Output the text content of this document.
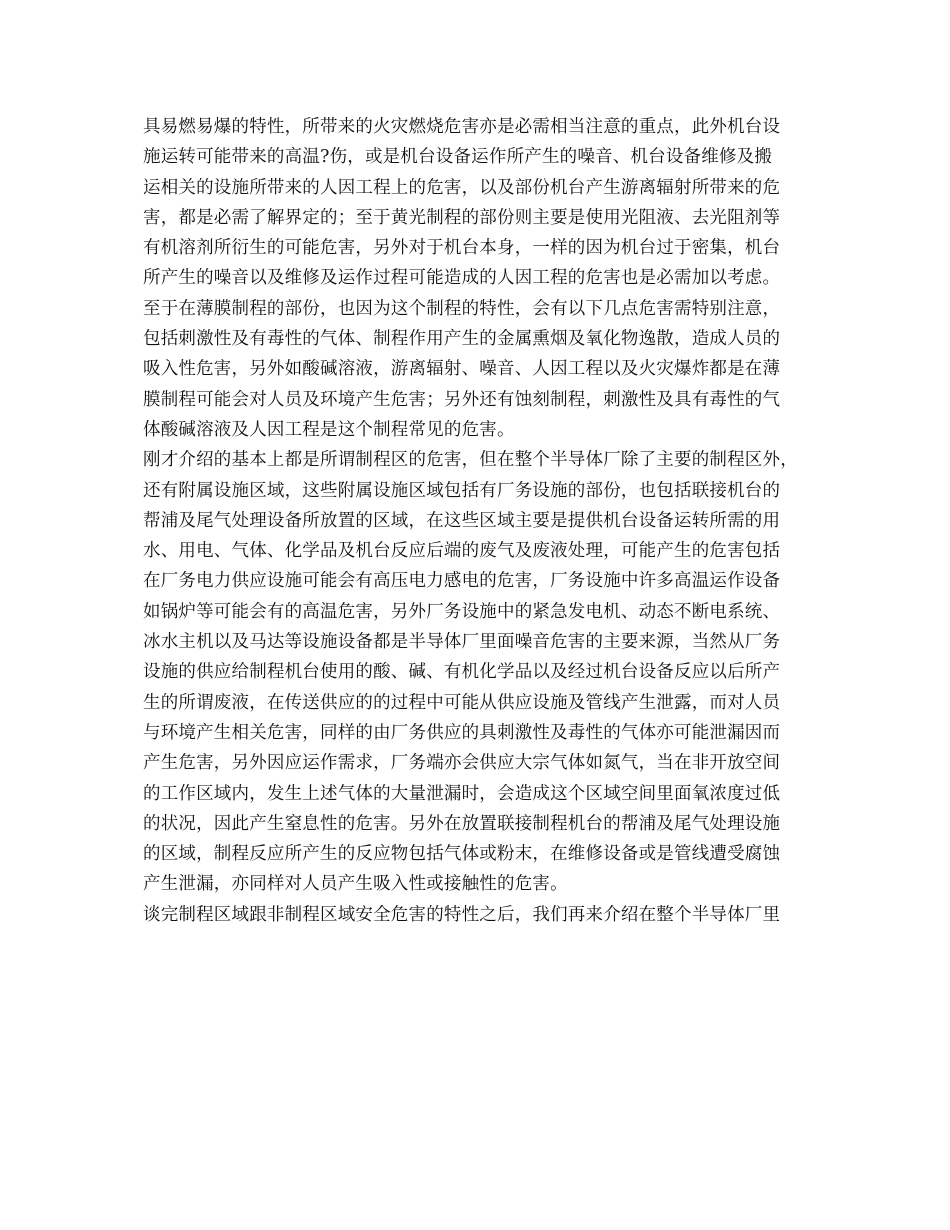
具易燃易爆的特性，所带来的火灾燃烧危害亦是必需相当注意的重点，此外机台设
施运转可能带来的高温?伤，或是机台设备运作所产生的噪音、机台设备维修及搬
运相关的设施所带来的人因工程上的危害，以及部份机台产生游离辐射所带来的危
害，都是必需了解界定的；至于黄光制程的部份则主要是使用光阻液、去光阻剂等
有机溶剂所衍生的可能危害，另外对于机台本身，一样的因为机台过于密集，机台
所产生的噪音以及维修及运作过程可能造成的人因工程的危害也是必需加以考虑。
至于在薄膜制程的部份，也因为这个制程的特性，会有以下几点危害需特别注意，
包括刺激性及有毒性的气体、制程作用产生的金属熏烟及氧化物逸散，造成人员的
吸入性危害，另外如酸碱溶液，游离辐射、噪音、人因工程以及火灾爆炸都是在薄
膜制程可能会对人员及环境产生危害；另外还有蚀刻制程，刺激性及具有毒性的气
体酸碱溶液及人因工程是这个制程常见的危害。
刚才介绍的基本上都是所谓制程区的危害，但在整个半导体厂除了主要的制程区外，
还有附属设施区域，这些附属设施区域包括有厂务设施的部份，也包括联接机台的
帮浦及尾气处理设备所放置的区域，在这些区域主要是提供机台设备运转所需的用
水、用电、气体、化学品及机台反应后端的废气及废液处理，可能产生的危害包括
在厂务电力供应设施可能会有高压电力感电的危害，厂务设施中许多高温运作设备
如锅炉等可能会有的高温危害，另外厂务设施中的紧急发电机、动态不断电系统、
冰水主机以及马达等设施设备都是半导体厂里面噪音危害的主要来源，当然从厂务
设施的供应给制程机台使用的酸、碱、有机化学品以及经过机台设备反应以后所产
生的所谓废液，在传送供应的的过程中可能从供应设施及管线产生泄露，而对人员
与环境产生相关危害，同样的由厂务供应的具刺激性及毒性的气体亦可能泄漏因而
产生危害，另外因应运作需求，厂务端亦会供应大宗气体如氮气，当在非开放空间
的工作区域内，发生上述气体的大量泄漏时，会造成这个区域空间里面氧浓度过低
的状况，因此产生窒息性的危害。另外在放置联接制程机台的帮浦及尾气处理设施
的区域，制程反应所产生的反应物包括气体或粉末，在维修设备或是管线遭受腐蚀
产生泄漏，亦同样对人员产生吸入性或接触性的危害。
谈完制程区域跟非制程区域安全危害的特性之后，我们再来介绍在整个半导体厂里
